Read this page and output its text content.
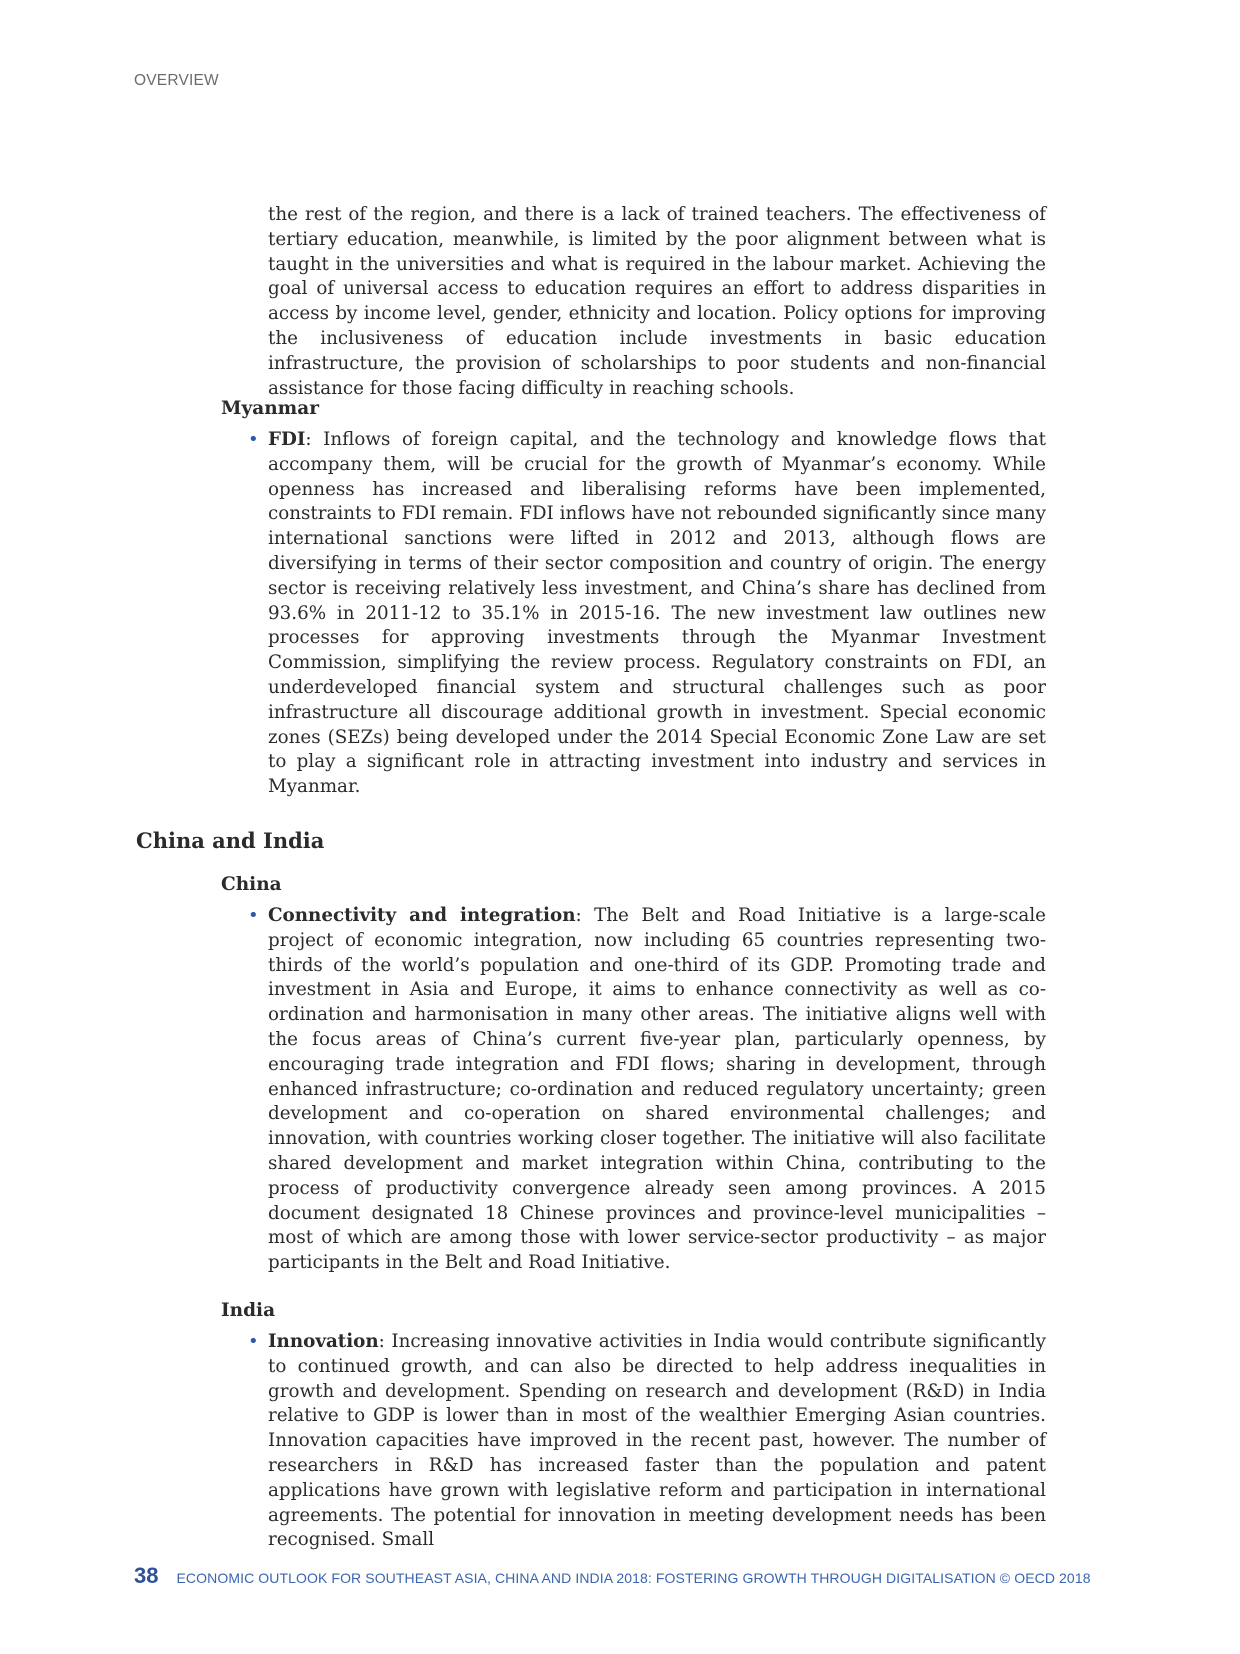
OVERVIEW

the rest of the region, and there is a lack of trained teachers. The effectiveness of tertiary education, meanwhile, is limited by the poor alignment between what is taught in the universities and what is required in the labour market. Achieving the goal of universal access to education requires an effort to address disparities in access by income level, gender, ethnicity and location. Policy options for improving the inclusiveness of education include investments in basic education infrastructure, the provision of scholarships to poor students and non-financial assistance for those facing difficulty in reaching schools.

Myanmar
• FDI: Inflows of foreign capital, and the technology and knowledge flows that accompany them, will be crucial for the growth of Myanmar’s economy. While openness has increased and liberalising reforms have been implemented, constraints to FDI remain. FDI inflows have not rebounded significantly since many international sanctions were lifted in 2012 and 2013, although flows are diversifying in terms of their sector composition and country of origin. The energy sector is receiving relatively less investment, and China’s share has declined from 93.6% in 2011-12 to 35.1% in 2015-16. The new investment law outlines new processes for approving investments through the Myanmar Investment Commission, simplifying the review process. Regulatory constraints on FDI, an underdeveloped financial system and structural challenges such as poor infrastructure all discourage additional growth in investment. Special economic zones (SEZs) being developed under the 2014 Special Economic Zone Law are set to play a significant role in attracting investment into industry and services in Myanmar.

China and India
China
• Connectivity and integration: The Belt and Road Initiative is a large-scale project of economic integration, now including 65 countries representing two-thirds of the world’s population and one-third of its GDP. Promoting trade and investment in Asia and Europe, it aims to enhance connectivity as well as co-ordination and harmonisation in many other areas. The initiative aligns well with the focus areas of China’s current five-year plan, particularly openness, by encouraging trade integration and FDI flows; sharing in development, through enhanced infrastructure; co-ordination and reduced regulatory uncertainty; green development and co-operation on shared environmental challenges; and innovation, with countries working closer together. The initiative will also facilitate shared development and market integration within China, contributing to the process of productivity convergence already seen among provinces. A 2015 document designated 18 Chinese provinces and province-level municipalities – most of which are among those with lower service-sector productivity – as major participants in the Belt and Road Initiative.

India
• Innovation: Increasing innovative activities in India would contribute significantly to continued growth, and can also be directed to help address inequalities in growth and development. Spending on research and development (R&D) in India relative to GDP is lower than in most of the wealthier Emerging Asian countries. Innovation capacities have improved in the recent past, however. The number of researchers in R&D has increased faster than the population and patent applications have grown with legislative reform and participation in international agreements. The potential for innovation in meeting development needs has been recognised. Small

38 ECONOMIC OUTLOOK FOR SOUTHEAST ASIA, CHINA AND INDIA 2018: FOSTERING GROWTH THROUGH DIGITALISATION © OECD 2018
